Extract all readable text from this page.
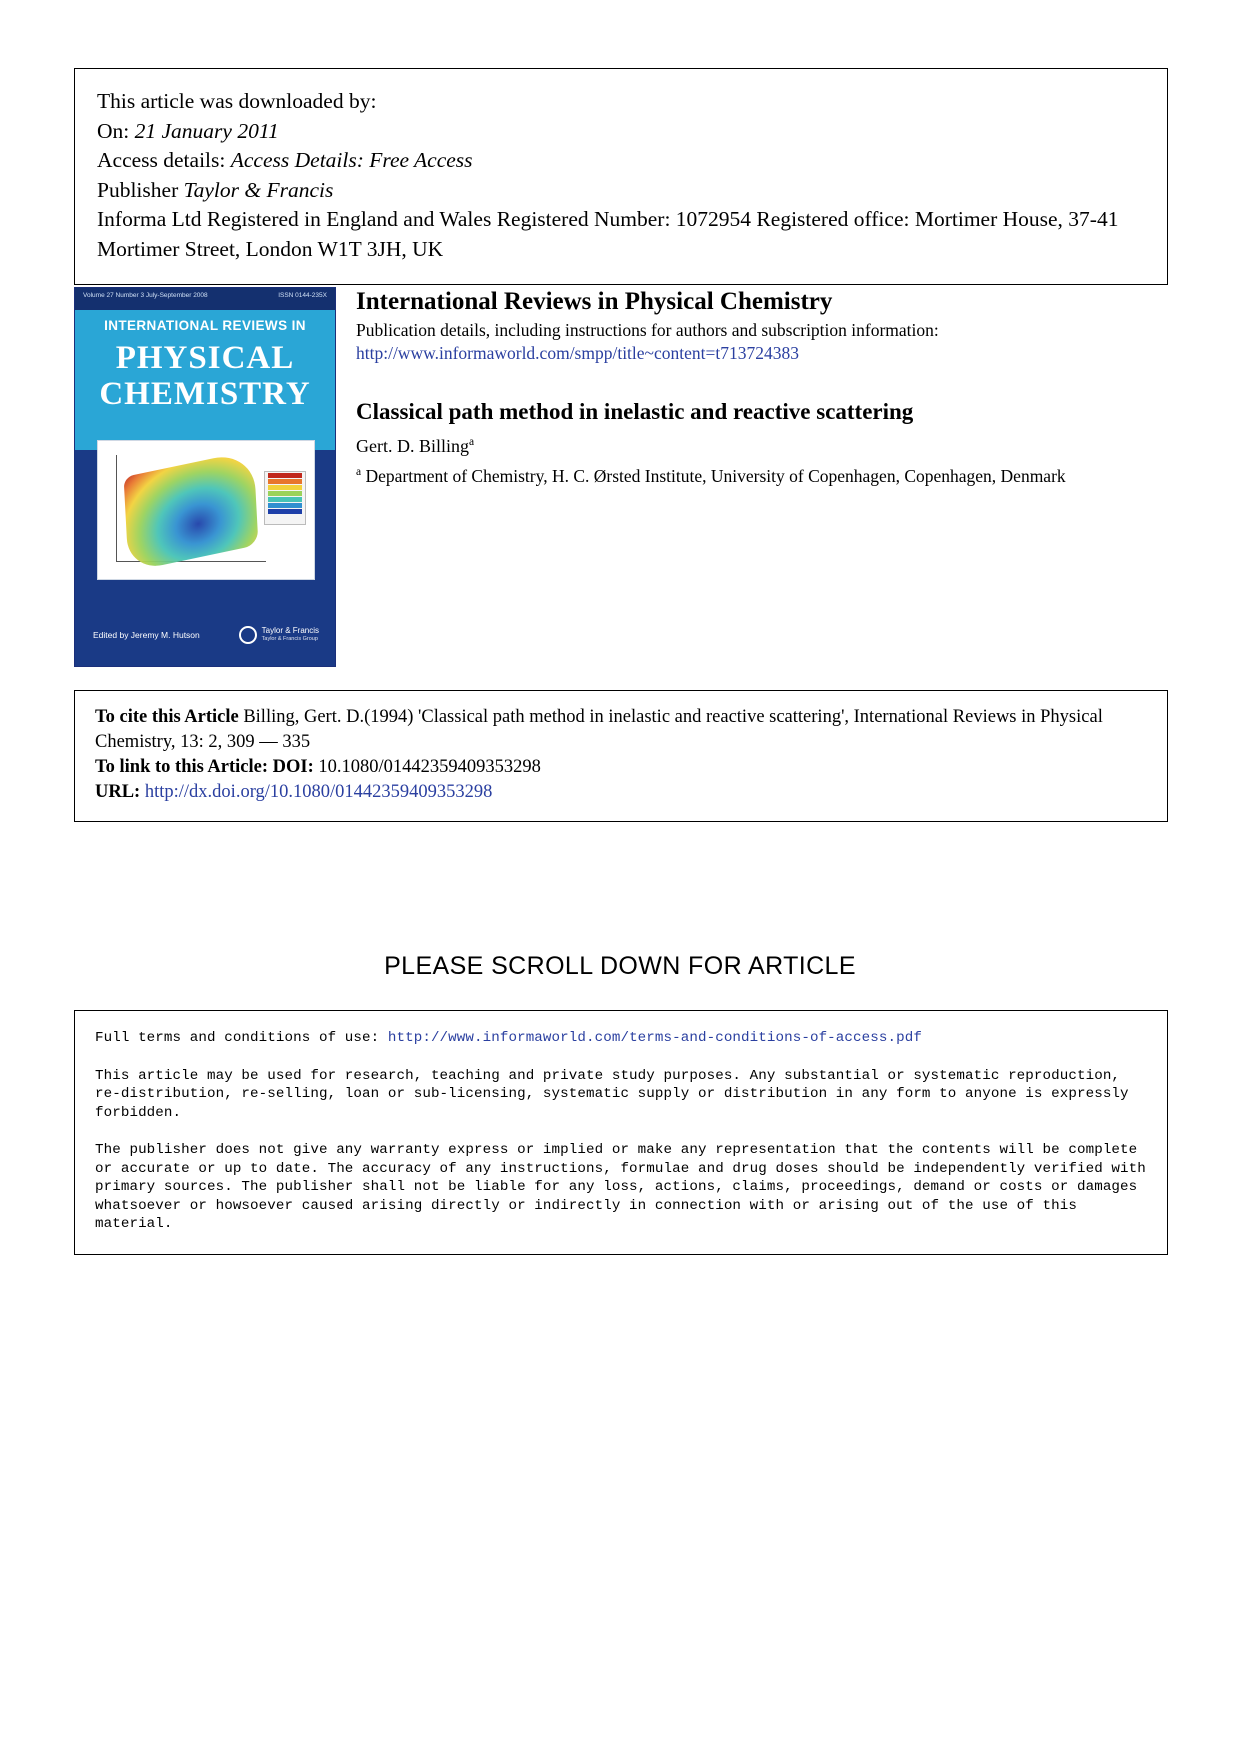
This article was downloaded by:
On: 21 January 2011
Access details: Access Details: Free Access
Publisher Taylor & Francis
Informa Ltd Registered in England and Wales Registered Number: 1072954 Registered office: Mortimer House, 37-41 Mortimer Street, London W1T 3JH, UK
Volume 27 Number 3 July-September 2008	ISSN 0144-235X
INTERNATIONAL REVIEWS IN
PHYSICAL
CHEMISTRY
Edited by Jeremy M. Hutson	Taylor & Francis
Taylor & Francis Group
International Reviews in Physical Chemistry
Publication details, including instructions for authors and subscription information:
http://www.informaworld.com/smpp/title~content=t713724383
Classical path method in inelastic and reactive scattering
Gert. D. Billing$^a$
$^a$ Department of Chemistry, H. C. Ørsted Institute, University of Copenhagen, Copenhagen, Denmark
To cite this Article Billing, Gert. D.(1994) 'Classical path method in inelastic and reactive scattering', International Reviews in Physical Chemistry, 13: 2, 309 — 335
To link to this Article: DOI: 10.1080/01442359409353298
URL: http://dx.doi.org/10.1080/01442359409353298
PLEASE SCROLL DOWN FOR ARTICLE

Full terms and conditions of use: http://www.informaworld.com/terms-and-conditions-of-access.pdf

This article may be used for research, teaching and private study purposes. Any substantial or systematic reproduction, re-distribution, re-selling, loan or sub-licensing, systematic supply or distribution in any form to anyone is expressly forbidden.

The publisher does not give any warranty express or implied or make any representation that the contents will be complete or accurate or up to date. The accuracy of any instructions, formulae and drug doses should be independently verified with primary sources. The publisher shall not be liable for any loss, actions, claims, proceedings, demand or costs or damages whatsoever or howsoever caused arising directly or indirectly in connection with or arising out of the use of this material.
